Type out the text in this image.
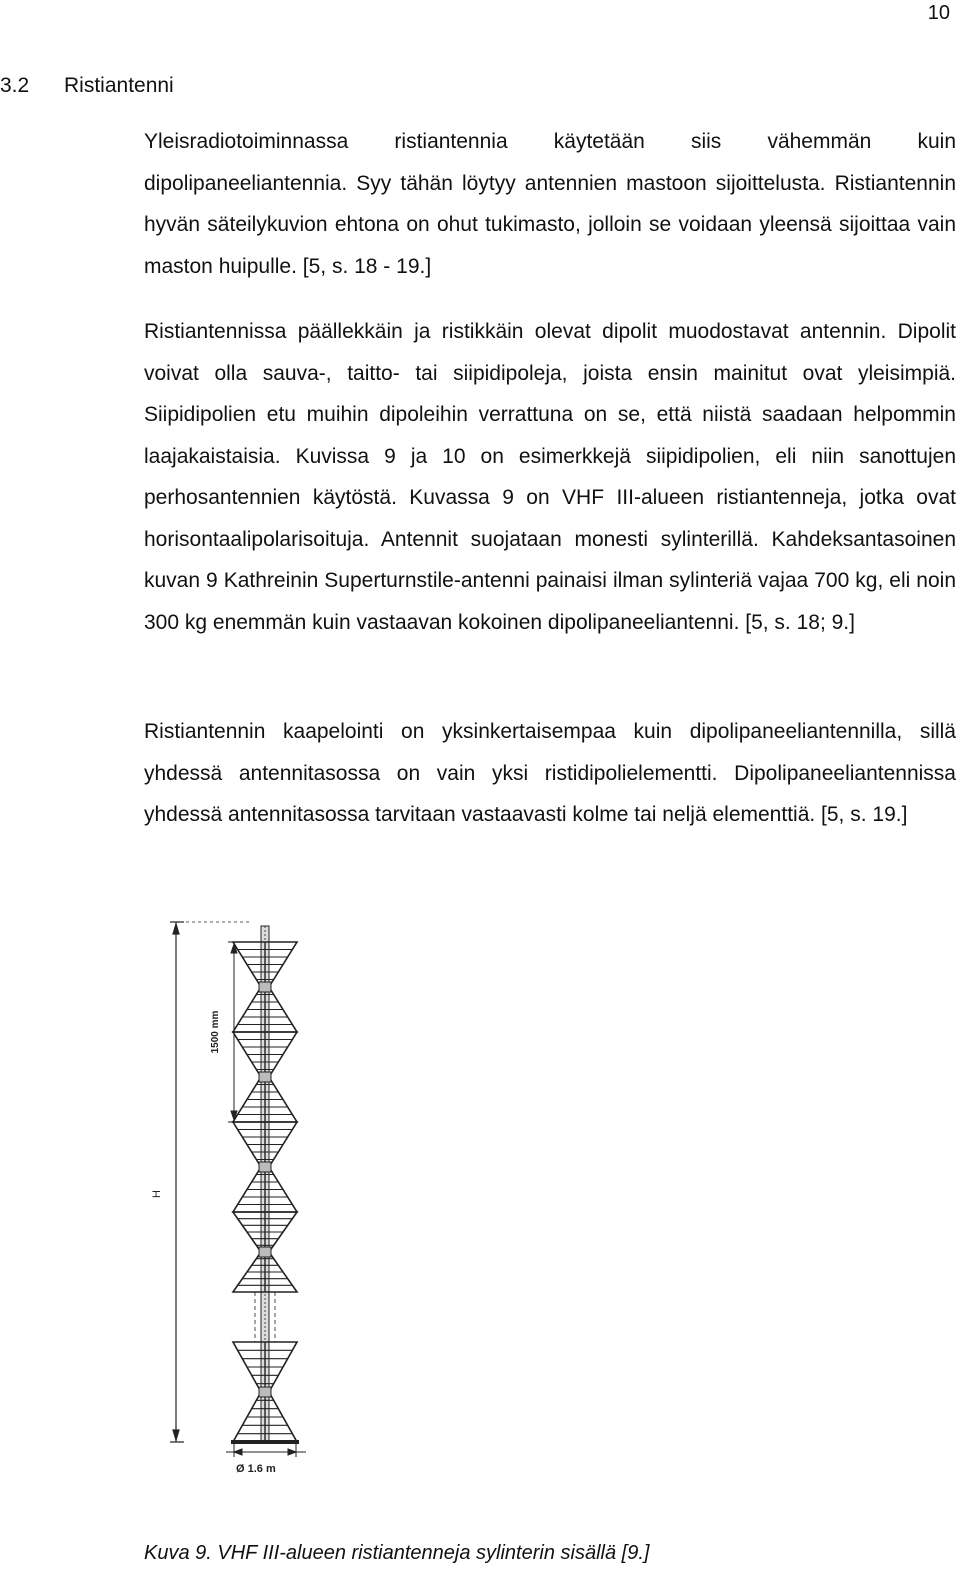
10
3.2 Ristiantenni

Yleisradiotoiminnassa ristiantennia käytetään siis vähemmän kuin dipolipaneeliantennia. Syy tähän löytyy antennien mastoon sijoittelusta. Ristiantennin hyvän säteilykuvion ehtona on ohut tukimasto, jolloin se voidaan yleensä sijoittaa vain maston huipulle. [5, s. 18 - 19.]

Ristiantennissa päällekkäin ja ristikkäin olevat dipolit muodostavat antennin. Dipolit voivat olla sauva-, taitto- tai siipidipoleja, joista ensin mainitut ovat yleisimpiä. Siipidipolien etu muihin dipoleihin verrattuna on se, että niistä saadaan helpommin laajakaistaisia. Kuvissa 9 ja 10 on esimerkkejä siipidipolien, eli niin sanottujen perhosantennien käytöstä. Kuvassa 9 on VHF III-alueen ristiantenneja, jotka ovat horisontaalipolarisoituja. Antennit suojataan monesti sylinterillä. Kahdeksantasoinen kuvan 9 Kathreinin Superturnstile-antenni painaisi ilman sylinteriä vajaa 700 kg, eli noin 300 kg enemmän kuin vastaavan kokoinen dipolipaneeliantenni. [5, s. 18; 9.]

Ristiantennin kaapelointi on yksinkertaisempaa kuin dipolipaneeliantennilla, sillä yhdessä antennitasossa on vain yksi ristidipolielementti. Dipolipaneeliantennissa yhdessä antennitasossa tarvitaan vastaavasti kolme tai neljä elementtiä. [5, s. 19.]

H
1500 mm
Ø 1.6 m
Kuva 9. VHF III-alueen ristiantenneja sylinterin sisällä [9.]
